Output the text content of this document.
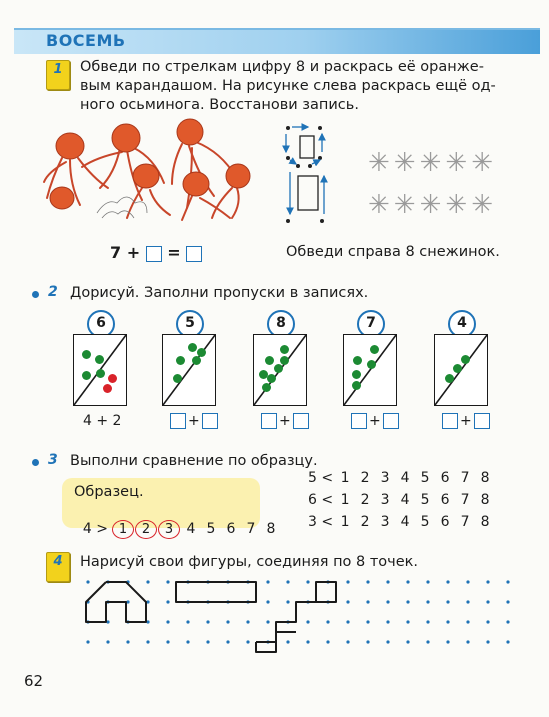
ВОСЕМЬ
1	Обведи по стрелкам цифру 8 и раскрась её оранже-
вым карандашом. На рисунке слева раскрась ещё од-
ного осьминога. Восстанови запись.
7 + =
✳✳✳✳✳
✳✳✳✳✳
Обведи справа 8 снежинок.
2 Дорисуй. Заполни пропуски в записях.
6
4 + 2
5
+
8
+
7
+
4
+
3 Выполни сравнение по образцу.
Образец.

4 > 1 2 3 4 5 6 7 8

5 < 1 2 3 4 5 6 7 8
6 < 1 2 3 4 5 6 7 8
3 < 1 2 3 4 5 6 7 8
4	Нарисуй свои фигуры, соединяя по 8 точек.
62
